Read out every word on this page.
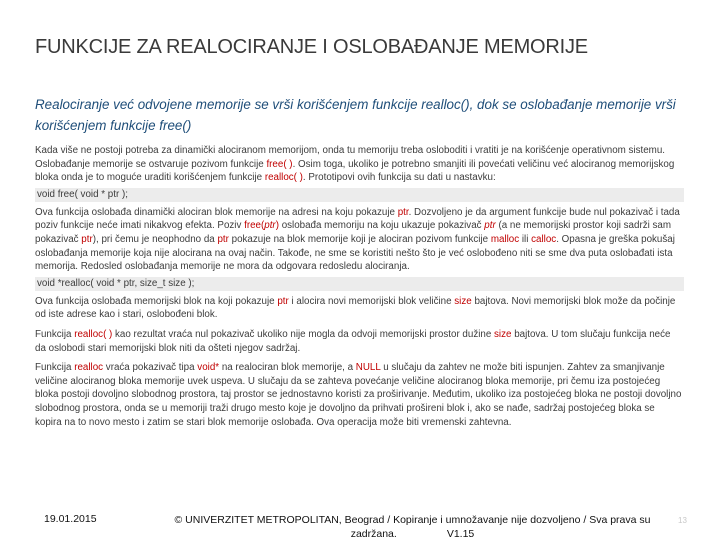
FUNKCIJE ZA REALOCIRANJE I OSLOBAĐANJE MEMORIJE
Realociranje već odvojene memorije se vrši korišćenjem funkcije realloc(), dok se oslobađanje memorije vrši korišćenjem funkcije free()

Kada više ne postoji potreba za dinamički alociranom memorijom, onda tu memoriju treba osloboditi i vratiti je na korišćenje operativnom sistemu. Oslobađanje memorije se ostvaruje pozivom funkcije free( ). Osim toga, ukoliko je potrebno smanjiti ili povećati veličinu već alociranog memorijskog bloka onda je to moguće uraditi korišćenjem funkcije realloc( ). Prototipovi ovih funkcija su dati u nastavku:

void free( void * ptr );

Ova funkcija oslobađa dinamički alociran blok memorije na adresi na koju pokazuje ptr. Dozvoljeno je da argument funkcije bude nul pokazivač i tada poziv funkcije neće imati nikakvog efekta. Poziv free(ptr) oslobađa memoriju na koju ukazuje pokazivač ptr (a ne memorijski prostor koji sadrži sam pokazivač ptr), pri čemu je neophodno da ptr pokazuje na blok memorije koji je alociran pozivom funkcije malloc ili calloc. Opasna je greška pokušaj oslobađanja memorije koja nije alocirana na ovaj način. Takođe, ne sme se koristiti nešto što je već oslobođeno niti se sme dva puta oslobađati ista memorija. Redosled oslobađanja memorije ne mora da odgovara redosledu alociranja.

void *realloc( void * ptr, size_t size );

Ova funkcija oslobađa memorijski blok na koji pokazuje ptr i alocira novi memorijski blok veličine size bajtova. Novi memorijski blok može da počinje od iste adrese kao i stari, oslobođeni blok.

Funkcija realloc( ) kao rezultat vraća nul pokazivač ukoliko nije mogla da odvoji memorijski prostor dužine size bajtova. U tom slučaju funkcija neće da oslobodi stari memorijski blok niti da ošteti njegov sadržaj.

Funkcija realloc vraća pokazivač tipa void* na realociran blok memorije, a NULL u slučaju da zahtev ne može biti ispunjen. Zahtev za smanjivanje veličine alociranog bloka memorije uvek uspeva. U slučaju da se zahteva povećanje veličine alociranog bloka memorije, pri čemu iza postojećeg bloka postoji dovoljno slobodnog prostora, taj prostor se jednostavno koristi za proširivanje. Međutim, ukoliko iza postojećeg bloka ne postoji dovoljno slobodnog prostora, onda se u memoriji traži drugo mesto koje je dovoljno da prihvati prošireni blok i, ako se nađe, sadržaj postojećeg bloka se kopira na to novo mesto i zatim se stari blok memorije oslobađa. Ova operacija može biti vremenski zahtevna.

19.01.2015	© UNIVERZITET METROPOLITAN, Beograd / Kopiranje i umnožavanje nije dozvoljeno / Sva prava su zadržana.	V1.15
13
